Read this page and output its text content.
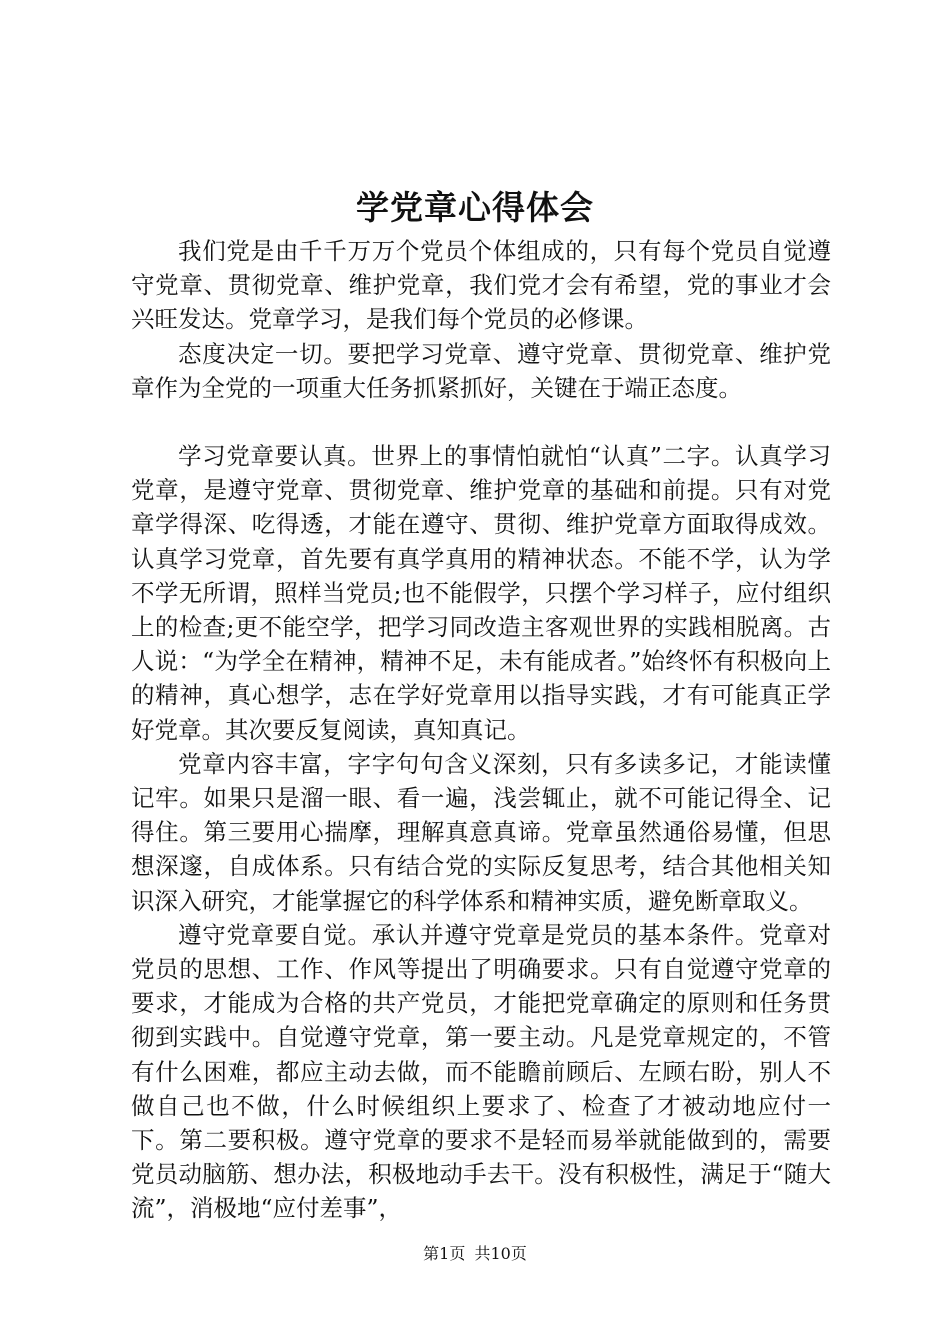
学党章心得体会

我们党是由千千万万个党员个体组成的，只有每个党员自觉遵守党章、贯彻党章、维护党章，我们党才会有希望，党的事业才会兴旺发达。党章学习，是我们每个党员的必修课。

态度决定一切。要把学习党章、遵守党章、贯彻党章、维护党章作为全党的一项重大任务抓紧抓好，关键在于端正态度。

学习党章要认真。世界上的事情怕就怕“认真”二字。认真学习党章，是遵守党章、贯彻党章、维护党章的基础和前提。只有对党章学得深、吃得透，才能在遵守、贯彻、维护党章方面取得成效。认真学习党章，首先要有真学真用的精神状态。不能不学，认为学不学无所谓，照样当党员;也不能假学，只摆个学习样子，应付组织上的检查;更不能空学，把学习同改造主客观世界的实践相脱离。古人说：“为学全在精神，精神不足，未有能成者。”始终怀有积极向上的精神，真心想学，志在学好党章用以指导实践，才有可能真正学好党章。其次要反复阅读，真知真记。

党章内容丰富，字字句句含义深刻，只有多读多记，才能读懂记牢。如果只是溜一眼、看一遍，浅尝辄止，就不可能记得全、记得住。第三要用心揣摩，理解真意真谛。党章虽然通俗易懂，但思想深邃，自成体系。只有结合党的实际反复思考，结合其他相关知识深入研究，才能掌握它的科学体系和精神实质，避免断章取义。

遵守党章要自觉。承认并遵守党章是党员的基本条件。党章对党员的思想、工作、作风等提出了明确要求。只有自觉遵守党章的要求，才能成为合格的共产党员，才能把党章确定的原则和任务贯彻到实践中。自觉遵守党章，第一要主动。凡是党章规定的，不管有什么困难，都应主动去做，而不能瞻前顾后、左顾右盼，别人不做自己也不做，什么时候组织上要求了、检查了才被动地应付一下。第二要积极。遵守党章的要求不是轻而易举就能做到的，需要党员动脑筋、想办法，积极地动手去干。没有积极性，满足于“随大流”，消极地“应付差事”，

第1页 共10页
